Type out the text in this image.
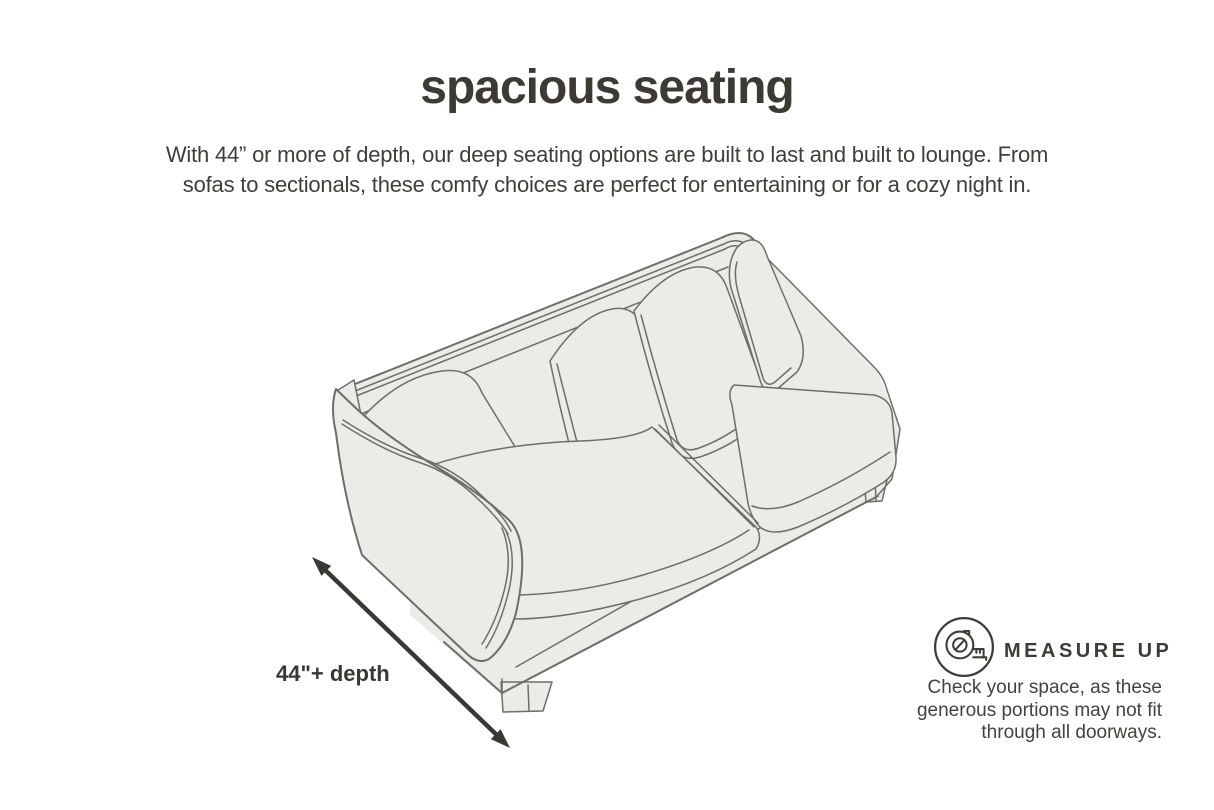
spacious seating

With 44” or more of depth, our deep seating options are built to last and built to lounge. From
sofas to sectionals, these comfy choices are perfect for entertaining or for a cozy night in.

44"+ depth
MEASURE UP
Check your space, as these
generous portions may not fit
through all doorways.
